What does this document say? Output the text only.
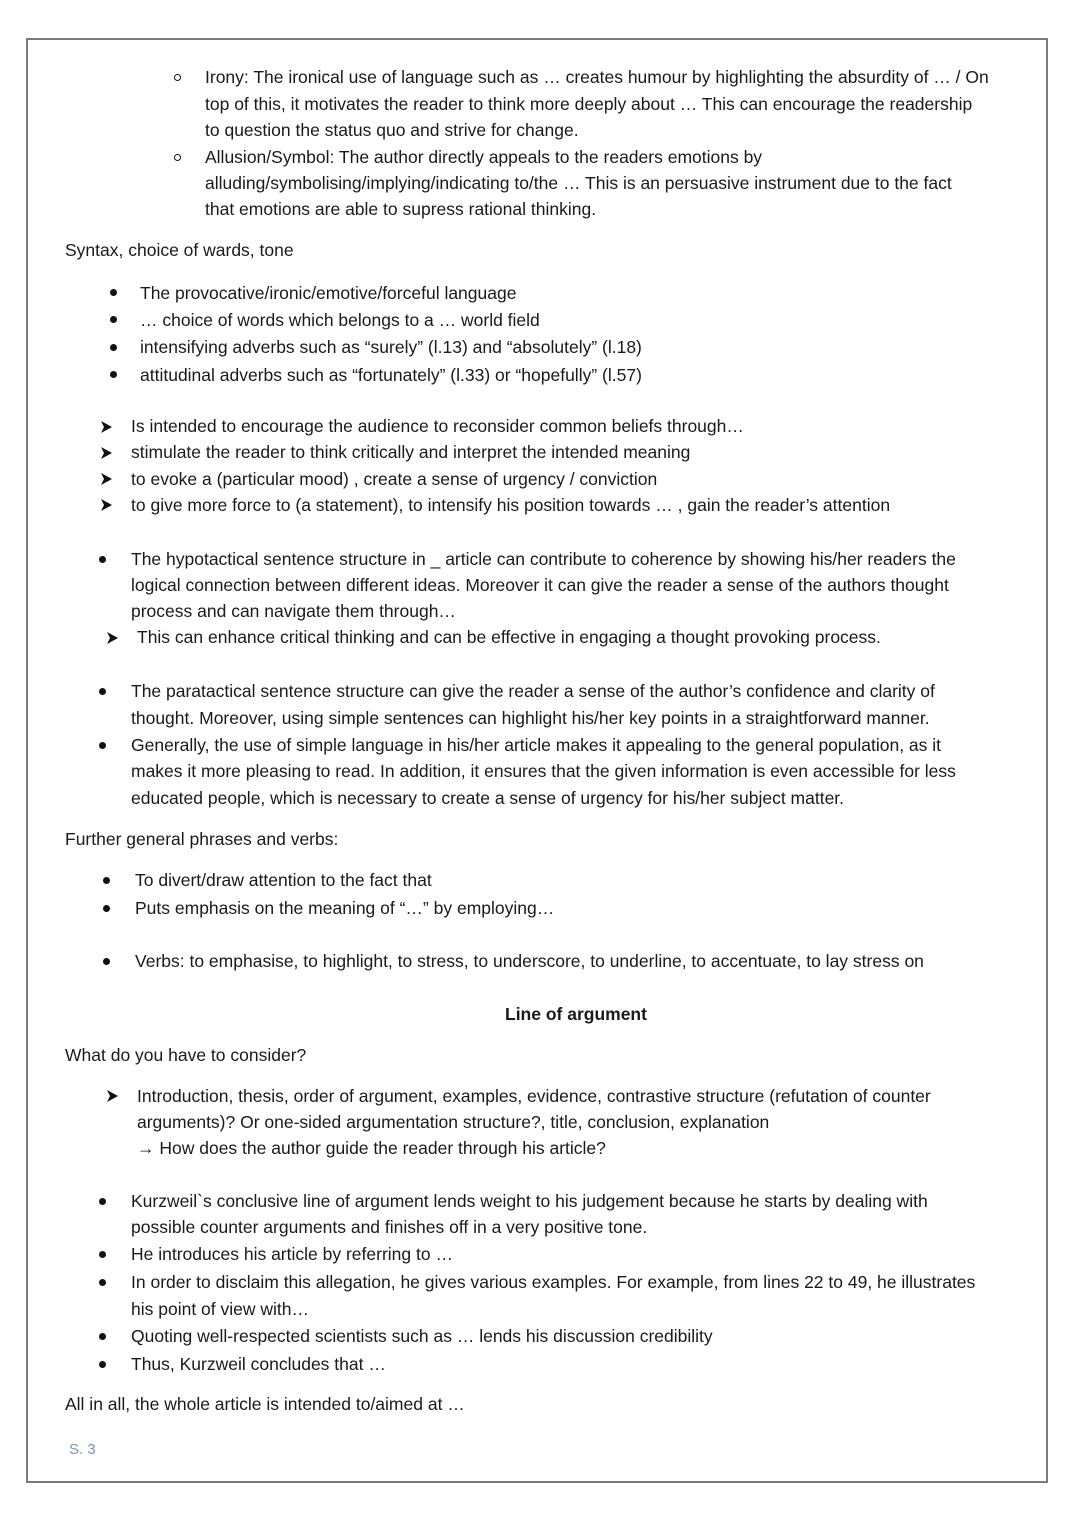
Irony: The ironical use of language such as … creates humour by highlighting the absurdity of … / On

top of this, it motivates the reader to think more deeply about … This can encourage the readership

to question the status quo and strive for change.

Allusion/Symbol: The author directly appeals to the readers emotions by

alluding/symbolising/implying/indicating to/the … This is an persuasive instrument due to the fact

that emotions are able to supress rational thinking.

Syntax, choice of wards, tone

The provocative/ironic/emotive/forceful language

… choice of words which belongs to a … world field

intensifying adverbs such as “surely” (l.13) and “absolutely” (l.18)

attitudinal adverbs such as “fortunately” (l.33) or “hopefully” (l.57)

Is intended to encourage the audience to reconsider common beliefs through…

stimulate the reader to think critically and interpret the intended meaning

to evoke a (particular mood) , create a sense of urgency / conviction

to give more force to (a statement), to intensify his position towards … , gain the reader’s attention

The hypotactical sentence structure in _ article can contribute to coherence by showing his/her readers the

logical connection between different ideas. Moreover it can give the reader a sense of the authors thought

process and can navigate them through…

This can enhance critical thinking and can be effective in engaging a thought provoking process.

The paratactical sentence structure can give the reader a sense of the author’s confidence and clarity of

thought. Moreover, using simple sentences can highlight his/her key points in a straightforward manner.

Generally, the use of simple language in his/her article makes it appealing to the general population, as it

makes it more pleasing to read. In addition, it ensures that the given information is even accessible for less

educated people, which is necessary to create a sense of urgency for his/her subject matter.

Further general phrases and verbs:

To divert/draw attention to the fact that

Puts emphasis on the meaning of “…” by employing…

Verbs: to emphasise, to highlight, to stress, to underscore, to underline, to accentuate, to lay stress on

Line of argument

What do you have to consider?

Introduction, thesis, order of argument, examples, evidence, contrastive structure (refutation of counter

arguments)? Or one-sided argumentation structure?, title, conclusion, explanation

→ How does the author guide the reader through his article?

Kurzweil`s conclusive line of argument lends weight to his judgement because he starts by dealing with

possible counter arguments and finishes off in a very positive tone.

He introduces his article by referring to …

In order to disclaim this allegation, he gives various examples. For example, from lines 22 to 49, he illustrates

his point of view with…

Quoting well-respected scientists such as … lends his discussion credibility

Thus, Kurzweil concludes that …

All in all, the whole article is intended to/aimed at …

S. 3
